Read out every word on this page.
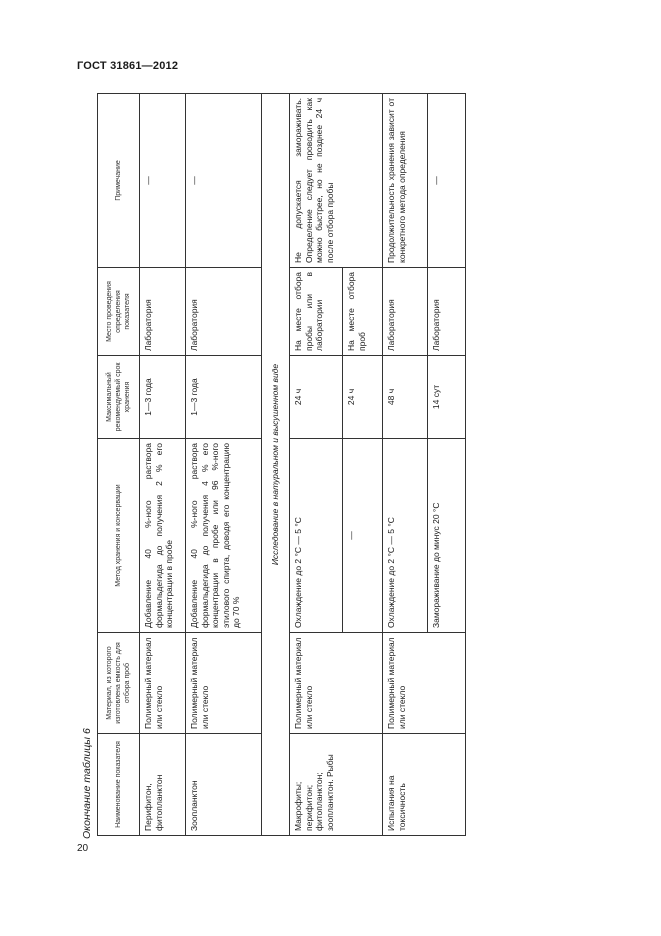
ГОСТ 31861—2012
Окончание таблицы 6
20
Наименование показателя	Материал, из которого изготовлена емкость для отбора проб	Метод хранения и консервации	Максимальный рекомендуемый срок хранения	Место проведения определения показателя	Примечание
Перифитон, фитопланктон	Полимерный материал или стекло	Добавление 40 %-ного раствора формальдегида до получения 2 % его концентрации в пробе	1—3 года	Лаборатория	—
Зоопланктон	Полимерный материал или стекло	Добавление 40 %-ного раствора формальдегида до получения 4 % его концентрации в пробе или 96 %-ного этилового спирта, доводя его концентрацию до 70 %	1—3 года	Лаборатория	—
Исследование в натуральном и высушенном виде					
Макрофиты; перифитон; фитопланктон; зоопланктон. Рыбы	Полимерный материал или стекло	Охлаждение до 2 °С — 5 °С	24 ч	На месте отбора пробы или в лаборатории	Не допускается замораживать. Определение следует проводить как можно быстрее, но не позднее 24 ч после отбора пробы
		—	24 ч	На месте отбора проб	
Испытания на токсичность	Полимерный материал или стекло	Охлаждение до 2 °С — 5 °С	48 ч	Лаборатория	Продолжительность хранения зависит от конкретного метода определения
		Замораживание до минус 20 °С	14 сут	Лаборатория	—
